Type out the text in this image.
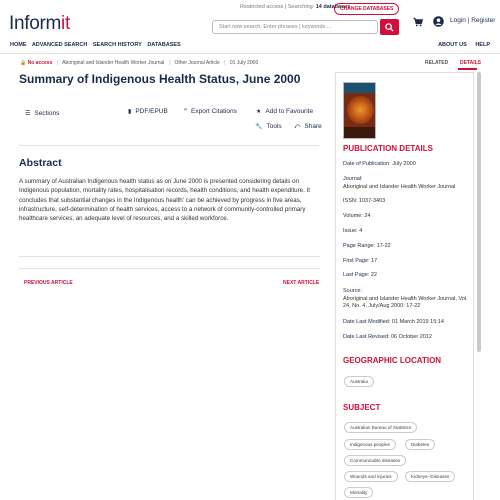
Informit
Restricted access | Searching: 14 databases
CHANGE DATABASES
Start new search. Enter phrases | keywords ...
Login | Register
HOME ADVANCED SEARCH SEARCH HISTORY DATABASES	ABOUT US HELP
🔒 No access | Aboriginal and Islander Health Worker Journal | Other Journal Article | 01 July 2000
Summary of Indigenous Health Status, June 2000
☰ Sections	▮ PDF/EPUB	” Export Citations	★ Add to Favourite
🔧 Tools ⤺ Share
Abstract
A summary of Australian Indigenous health status as on June 2000 is presented considering details on Indigenous population, mortality rates, hospitalisation records, health conditions, and health expenditure. It concludes that substantial changes in the Indigenous health' can be achieved by progress in five areas, infrastructure, self-determination of health services, access to a network of community-controlled primary healthcare services, an adequate level of resources, and a skilled workforce.
PREVIOUS ARTICLE	NEXT ARTICLE
RELATED DETAILS
PUBLICATION DETAILS
Date of Publication: July 2000
Journal:
Aboriginal and Islander Health Worker Journal
ISSN: 1037-3403
Volume: 24
Issue: 4
Page Range: 17-22
First Page: 17
Last Page: 22
Source:
Aboriginal and Islander Health Worker Journal, Vol. 24, No. 4, July/Aug 2000: 17-22
Date Last Modified: 01 March 2019 15:14
Date Last Revised: 06 October 2012
GEOGRAPHIC LOCATION
Australia
SUBJECT
Australian Bureau of Statistics
Indigenous peoples	Diabetes
Communicable diseases
Wounds and injuries	Kidneys--Diseases
Mortality
